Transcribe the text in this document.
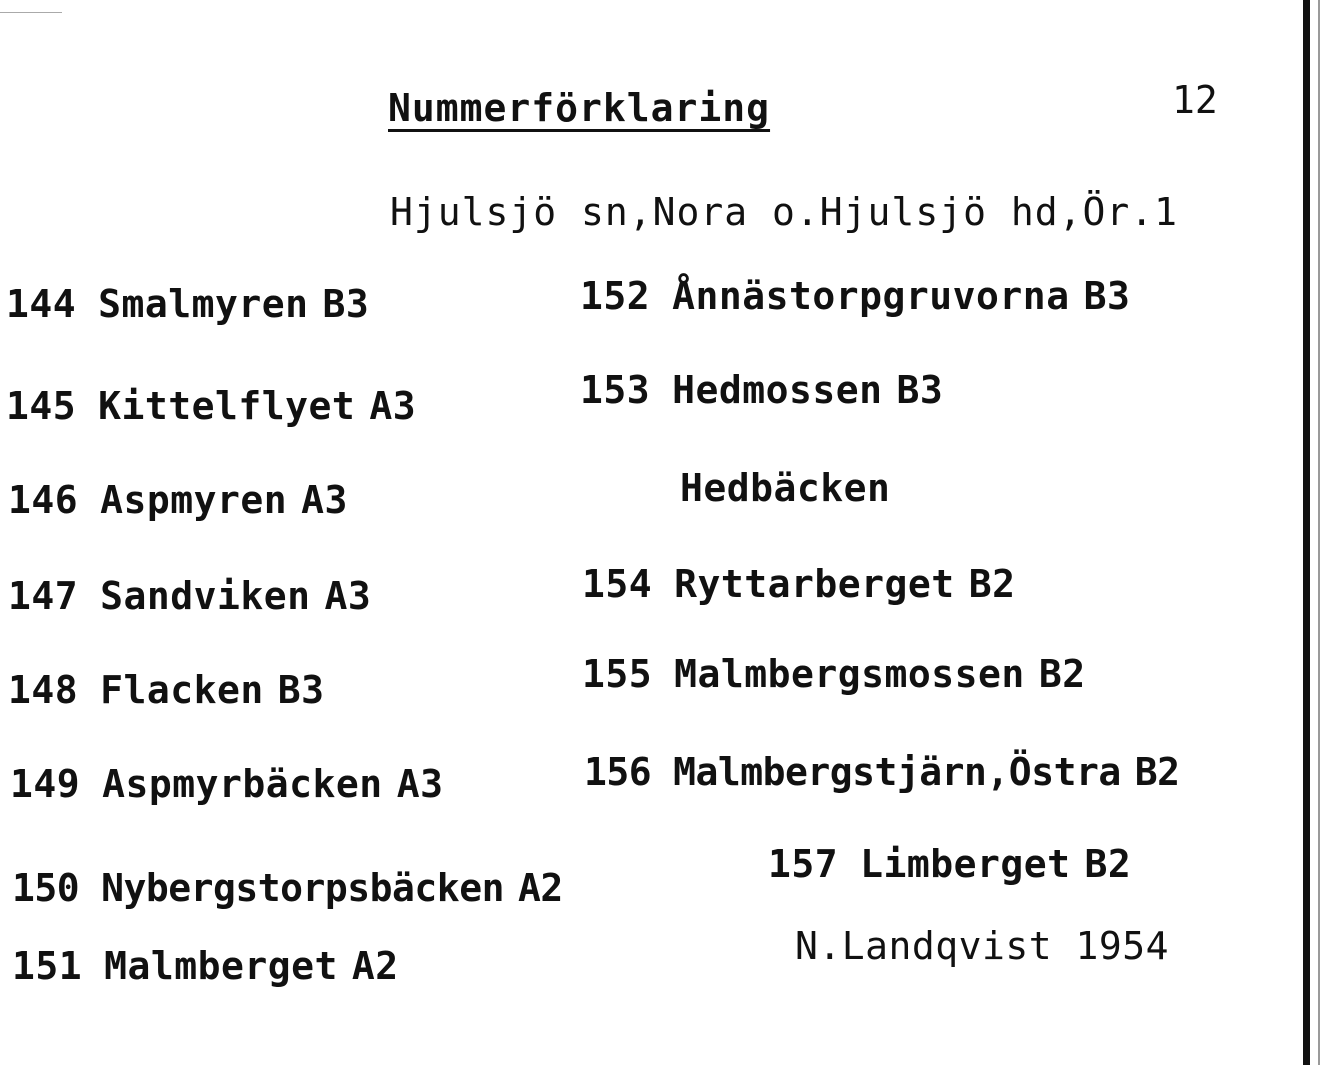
Nummerförklaring	12
Hjulsjö sn,Nora o.Hjulsjö hd,Ör.1
144 Smalmyren B3
145 Kittelflyet A3
146 Aspmyren A3
147 Sandviken A3
148 Flacken B3
149 Aspmyrbäcken A3
150 Nybergstorpsbäcken A2
151 Malmberget A2
152 Ånnästorpgruvorna B3
153 Hedmossen B3
Hedbäcken
154 Ryttarberget B2
155 Malmbergsmossen B2
156 Malmbergstjärn,Östra B2
157 Limberget B2
N.Landqvist 1954
